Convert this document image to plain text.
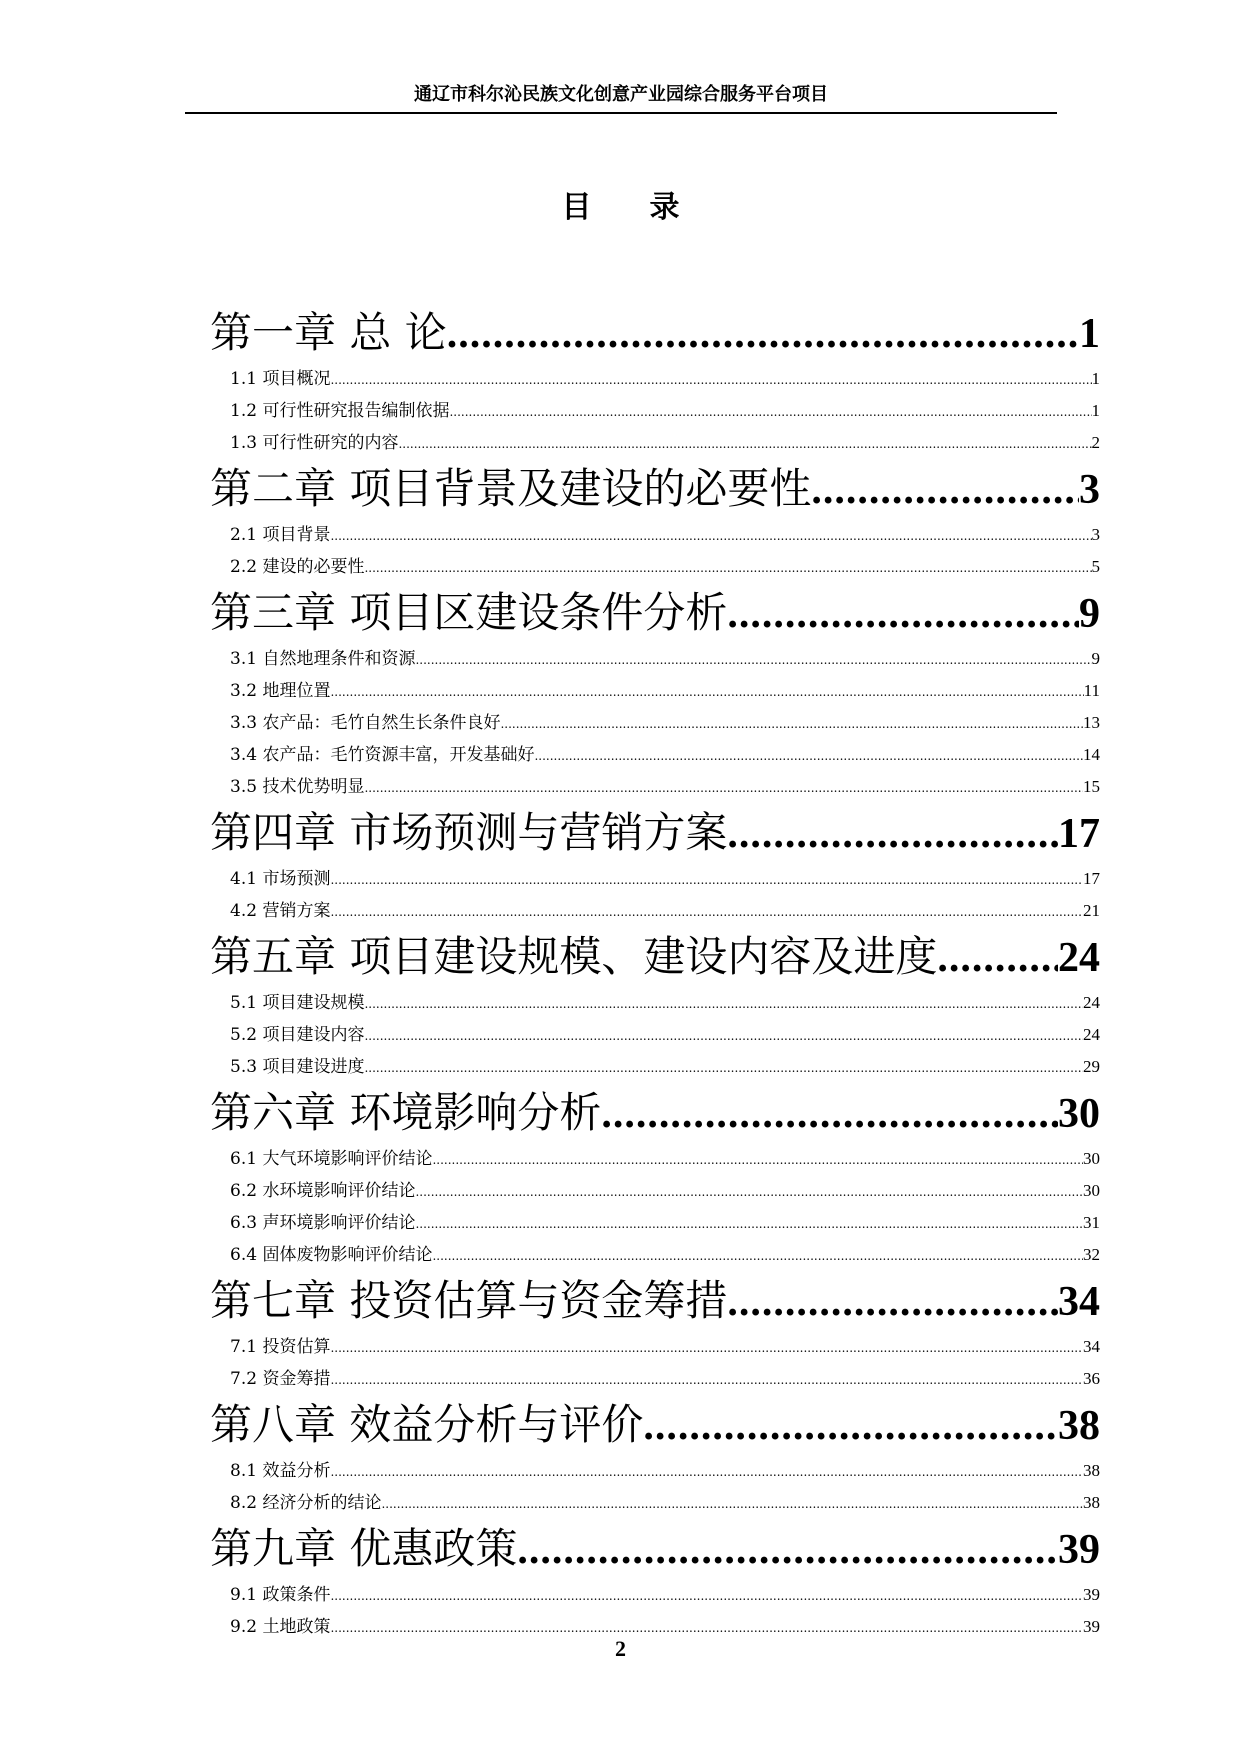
通辽市科尔沁民族文化创意产业园综合服务平台项目
目录
第一章 总 论 .....	1
1.1 项目概况 .....	1
1.2 可行性研究报告编制依据 .....	1
1.3 可行性研究的内容 .....	2
第二章 项目背景及建设的必要性 .....	3
2.1 项目背景 .....	3
2.2 建设的必要性 .....	5
第三章 项目区建设条件分析 .....	9
3.1 自然地理条件和资源 .....	9
3.2 地理位置 .....	11
3.3 农产品：毛竹自然生长条件良好 .....	13
3.4 农产品：毛竹资源丰富，开发基础好 .....	14
3.5 技术优势明显 .....	15
第四章 市场预测与营销方案 .....	17
4.1 市场预测 .....	17
4.2 营销方案 .....	21
第五章 项目建设规模、建设内容及进度 .....	24
5.1 项目建设规模 .....	24
5.2 项目建设内容 .....	24
5.3 项目建设进度 .....	29
第六章 环境影响分析 .....	30
6.1 大气环境影响评价结论 .....	30
6.2 水环境影响评价结论 .....	30
6.3 声环境影响评价结论 .....	31
6.4 固体废物影响评价结论 .....	32
第七章 投资估算与资金筹措 .....	34
7.1 投资估算 .....	34
7.2 资金筹措 .....	36
第八章 效益分析与评价 .....	38
8.1 效益分析 .....	38
8.2 经济分析的结论 .....	38
第九章 优惠政策 .....	39
9.1 政策条件 .....	39
9.2 土地政策 .....	39
2
